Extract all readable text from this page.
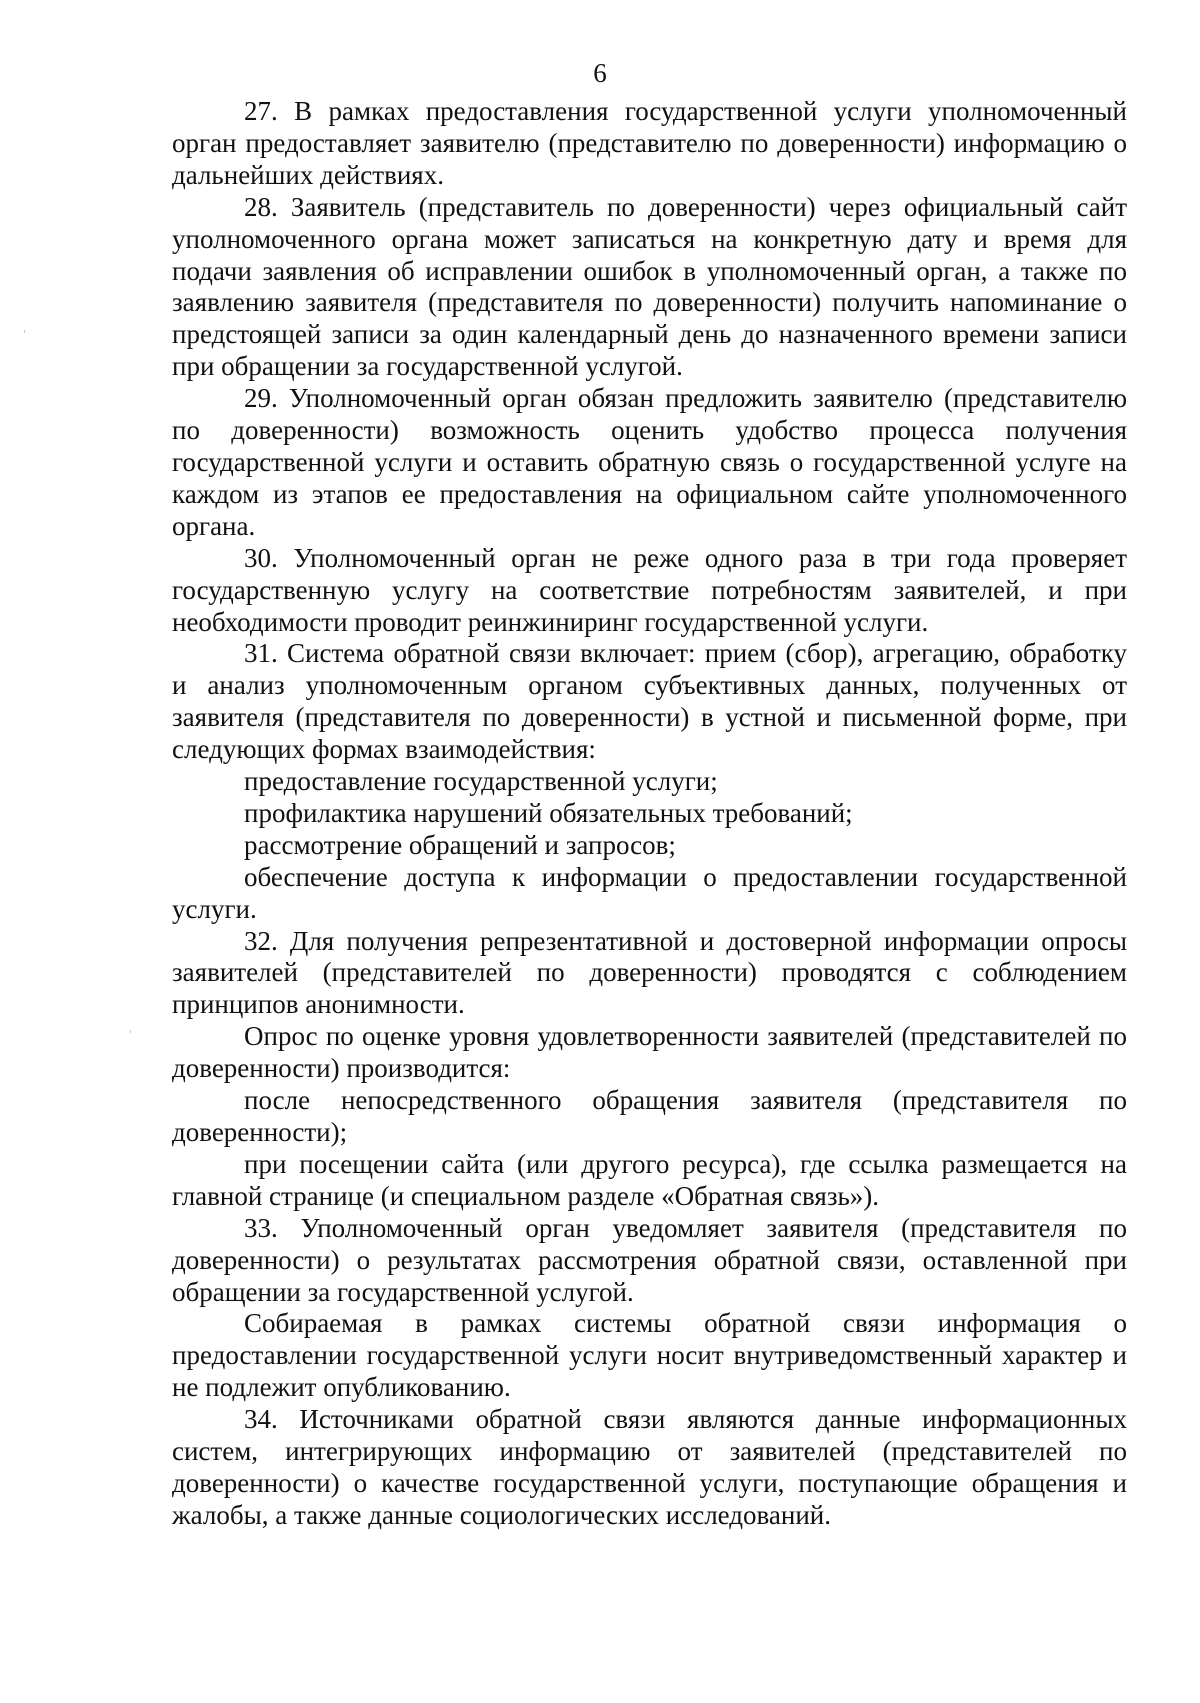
6

27. В рамках предоставления государственной услуги уполномоченный орган предоставляет заявителю (представителю по доверенности) информацию о дальнейших действиях.

28. Заявитель (представитель по доверенности) через официальный сайт уполномоченного органа может записаться на конкретную дату и время для подачи заявления об исправлении ошибок в уполномоченный орган, а также по заявлению заявителя (представителя по доверенности) получить напоминание о предстоящей записи за один календарный день до назначенного времени записи при обращении за государственной услугой.

29. Уполномоченный орган обязан предложить заявителю (представителю по доверенности) возможность оценить удобство процесса получения государственной услуги и оставить обратную связь о государственной услуге на каждом из этапов ее предоставления на официальном сайте уполномоченного органа.

30. Уполномоченный орган не реже одного раза в три года проверяет государственную услугу на соответствие потребностям заявителей, и при необходимости проводит реинжиниринг государственной услуги.

31. Система обратной связи включает: прием (сбор), агрегацию, обработку и анализ уполномоченным органом субъективных данных, полученных от заявителя (представителя по доверенности) в устной и письменной форме, при следующих формах взаимодействия:

предоставление государственной услуги;

профилактика нарушений обязательных требований;

рассмотрение обращений и запросов;

обеспечение доступа к информации о предоставлении государственной услуги.

32. Для получения репрезентативной и достоверной информации опросы заявителей (представителей по доверенности) проводятся с соблюдением принципов анонимности.

Опрос по оценке уровня удовлетворенности заявителей (представителей по доверенности) производится:

после непосредственного обращения заявителя (представителя по доверенности);

при посещении сайта (или другого ресурса), где ссылка размещается на главной странице (и специальном разделе «Обратная связь»).

33. Уполномоченный орган уведомляет заявителя (представителя по доверенности) о результатах рассмотрения обратной связи, оставленной при обращении за государственной услугой.

Собираемая в рамках системы обратной связи информация о предоставлении государственной услуги носит внутриведомственный характер и не подлежит опубликованию.

34. Источниками обратной связи являются данные информационных систем, интегрирующих информацию от заявителей (представителей по доверенности) о качестве государственной услуги, поступающие обращения и жалобы, а также данные социологических исследований.
